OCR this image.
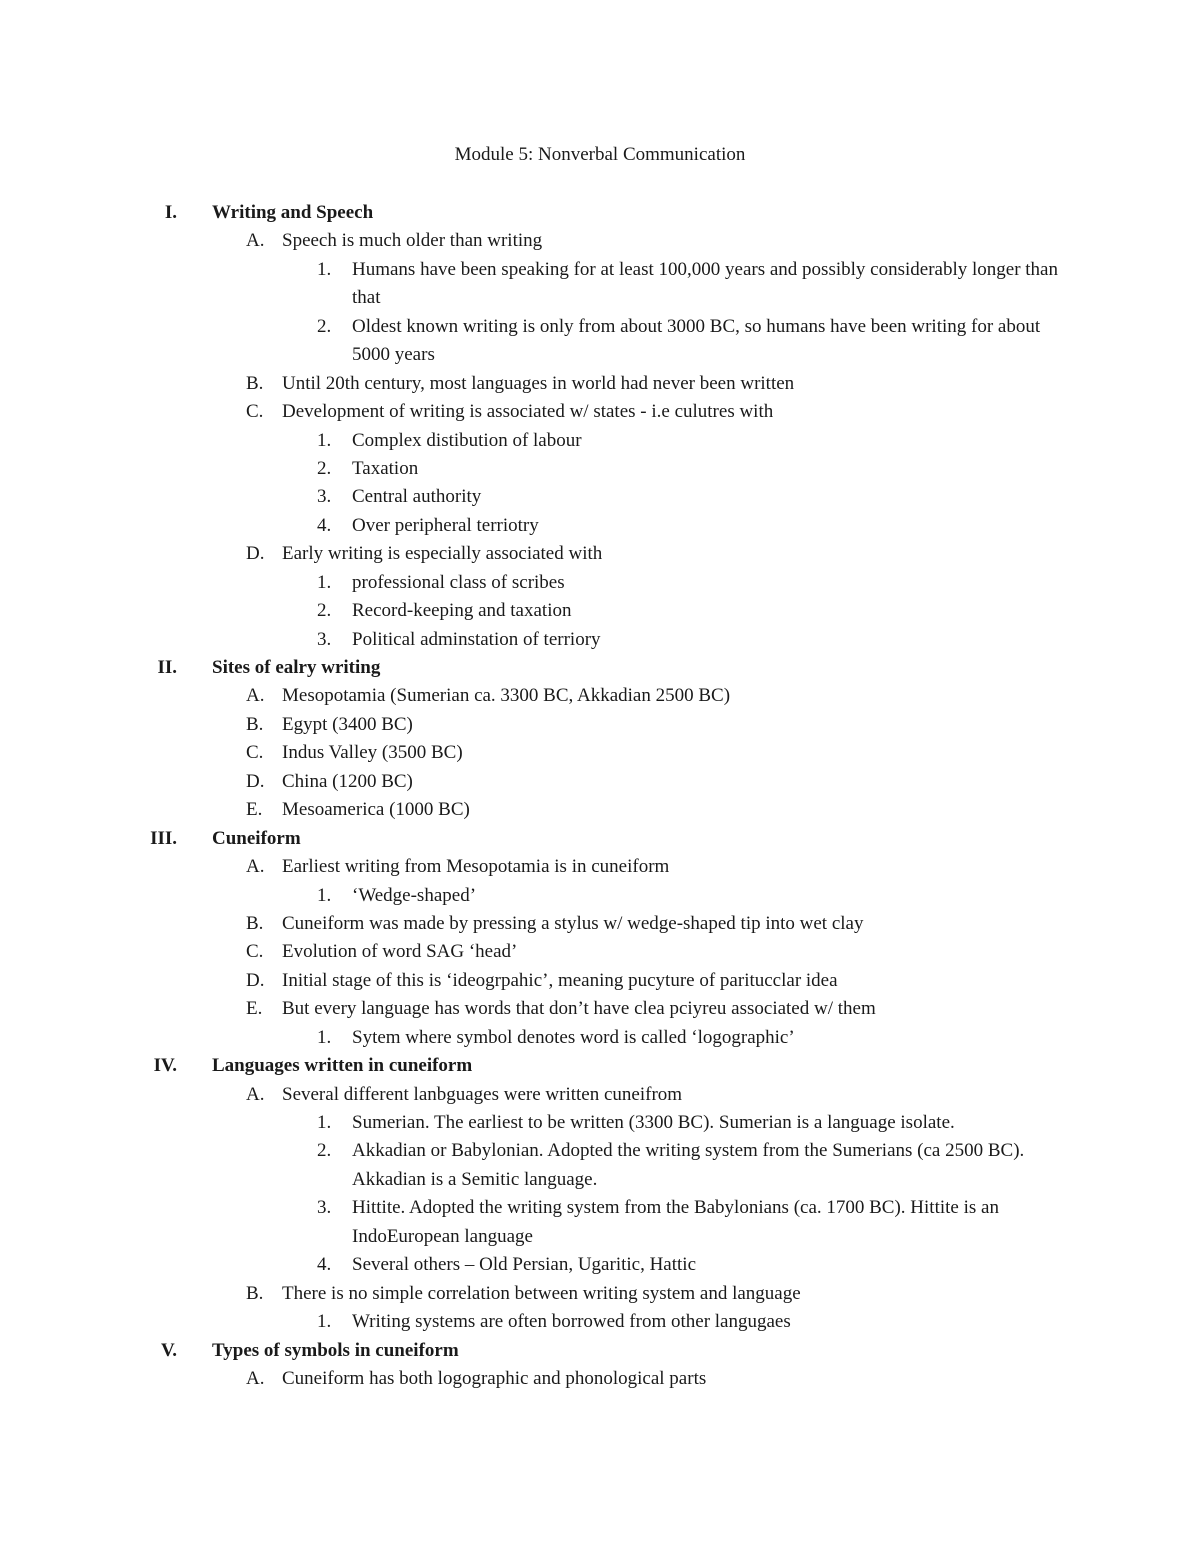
Module 5: Nonverbal Communication
I. Writing and Speech
A. Speech is much older than writing
1. Humans have been speaking for at least 100,000 years and possibly considerably longer than that
2. Oldest known writing is only from about 3000 BC, so humans have been writing for about 5000 years
B. Until 20th century, most languages in world had never been written
C. Development of writing is associated w/ states - i.e culutres with
1. Complex distibution of labour
2. Taxation
3. Central authority
4. Over peripheral terriotry
D. Early writing is especially associated with
1. professional class of scribes
2. Record-keeping and taxation
3. Political adminstation of terriory
II. Sites of ealry writing
A. Mesopotamia (Sumerian ca. 3300 BC, Akkadian 2500 BC)
B. Egypt (3400 BC)
C. Indus Valley (3500 BC)
D. China (1200 BC)
E. Mesoamerica (1000 BC)
III. Cuneiform
A. Earliest writing from Mesopotamia is in cuneiform
1. ‘Wedge-shaped’
B. Cuneiform was made by pressing a stylus w/ wedge-shaped tip into wet clay
C. Evolution of word SAG ‘head’
D. Initial stage of this is ‘ideogrpahic’, meaning pucyture of paritucclar idea
E. But every language has words that don’t have clea pciyreu associated w/ them
1. Sytem where symbol denotes word is called ‘logographic’
IV. Languages written in cuneiform
A. Several different lanbguages were written cuneifrom
1. Sumerian. The earliest to be written (3300 BC). Sumerian is a language isolate.
2. Akkadian or Babylonian. Adopted the writing system from the Sumerians (ca 2500 BC). Akkadian is a Semitic language.
3. Hittite. Adopted the writing system from the Babylonians (ca. 1700 BC). Hittite is an IndoEuropean language
4. Several others – Old Persian, Ugaritic, Hattic
B. There is no simple correlation between writing system and language
1. Writing systems are often borrowed from other langugaes
V. Types of symbols in cuneiform
A. Cuneiform has both logographic and phonological parts
